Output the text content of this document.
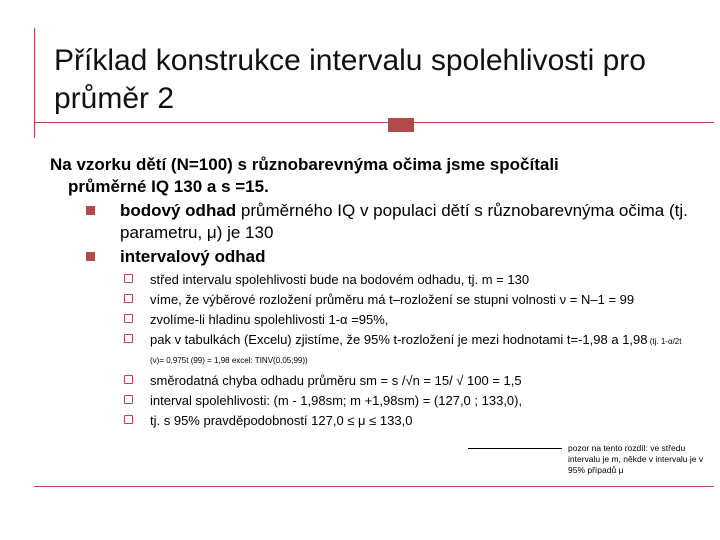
Příklad konstrukce intervalu spolehlivosti pro průměr 2

Na vzorku dětí (N=100) s různobarevnýma očima jsme spočítali
průměrné IQ 130 a s =15.

bodový odhad průměrného IQ v populaci dětí s různobarevnýma očima (tj. parametru, μ) je 130
intervalový odhad
střed intervalu spolehlivosti bude na bodovém odhadu, tj. m = 130
víme, že výběrové rozložení průměru má t–rozložení se stupni volnosti ν = N–1 = 99
zvolíme-li hladinu spolehlivosti 1-α =95%,
pak v tabulkách (Excelu) zjistíme, že 95% t-rozložení je mezi hodnotami t=-1,98 a 1,98 (tj. 1-α/2t (ν)= 0,975t (99) = 1,98 excel: TINV(0,05;99))
směrodatná chyba odhadu průměru sm = s /√n = 15/ √ 100 = 1,5
interval spolehlivosti: (m - 1,98sm; m +1,98sm) = (127,0 ; 133,0),
tj. s 95% pravděpodobností 127,0 ≤ μ ≤ 133,0
pozor na tento rozdíl: ve středu intervalu je m, někde v intervalu je v 95% případů μ
